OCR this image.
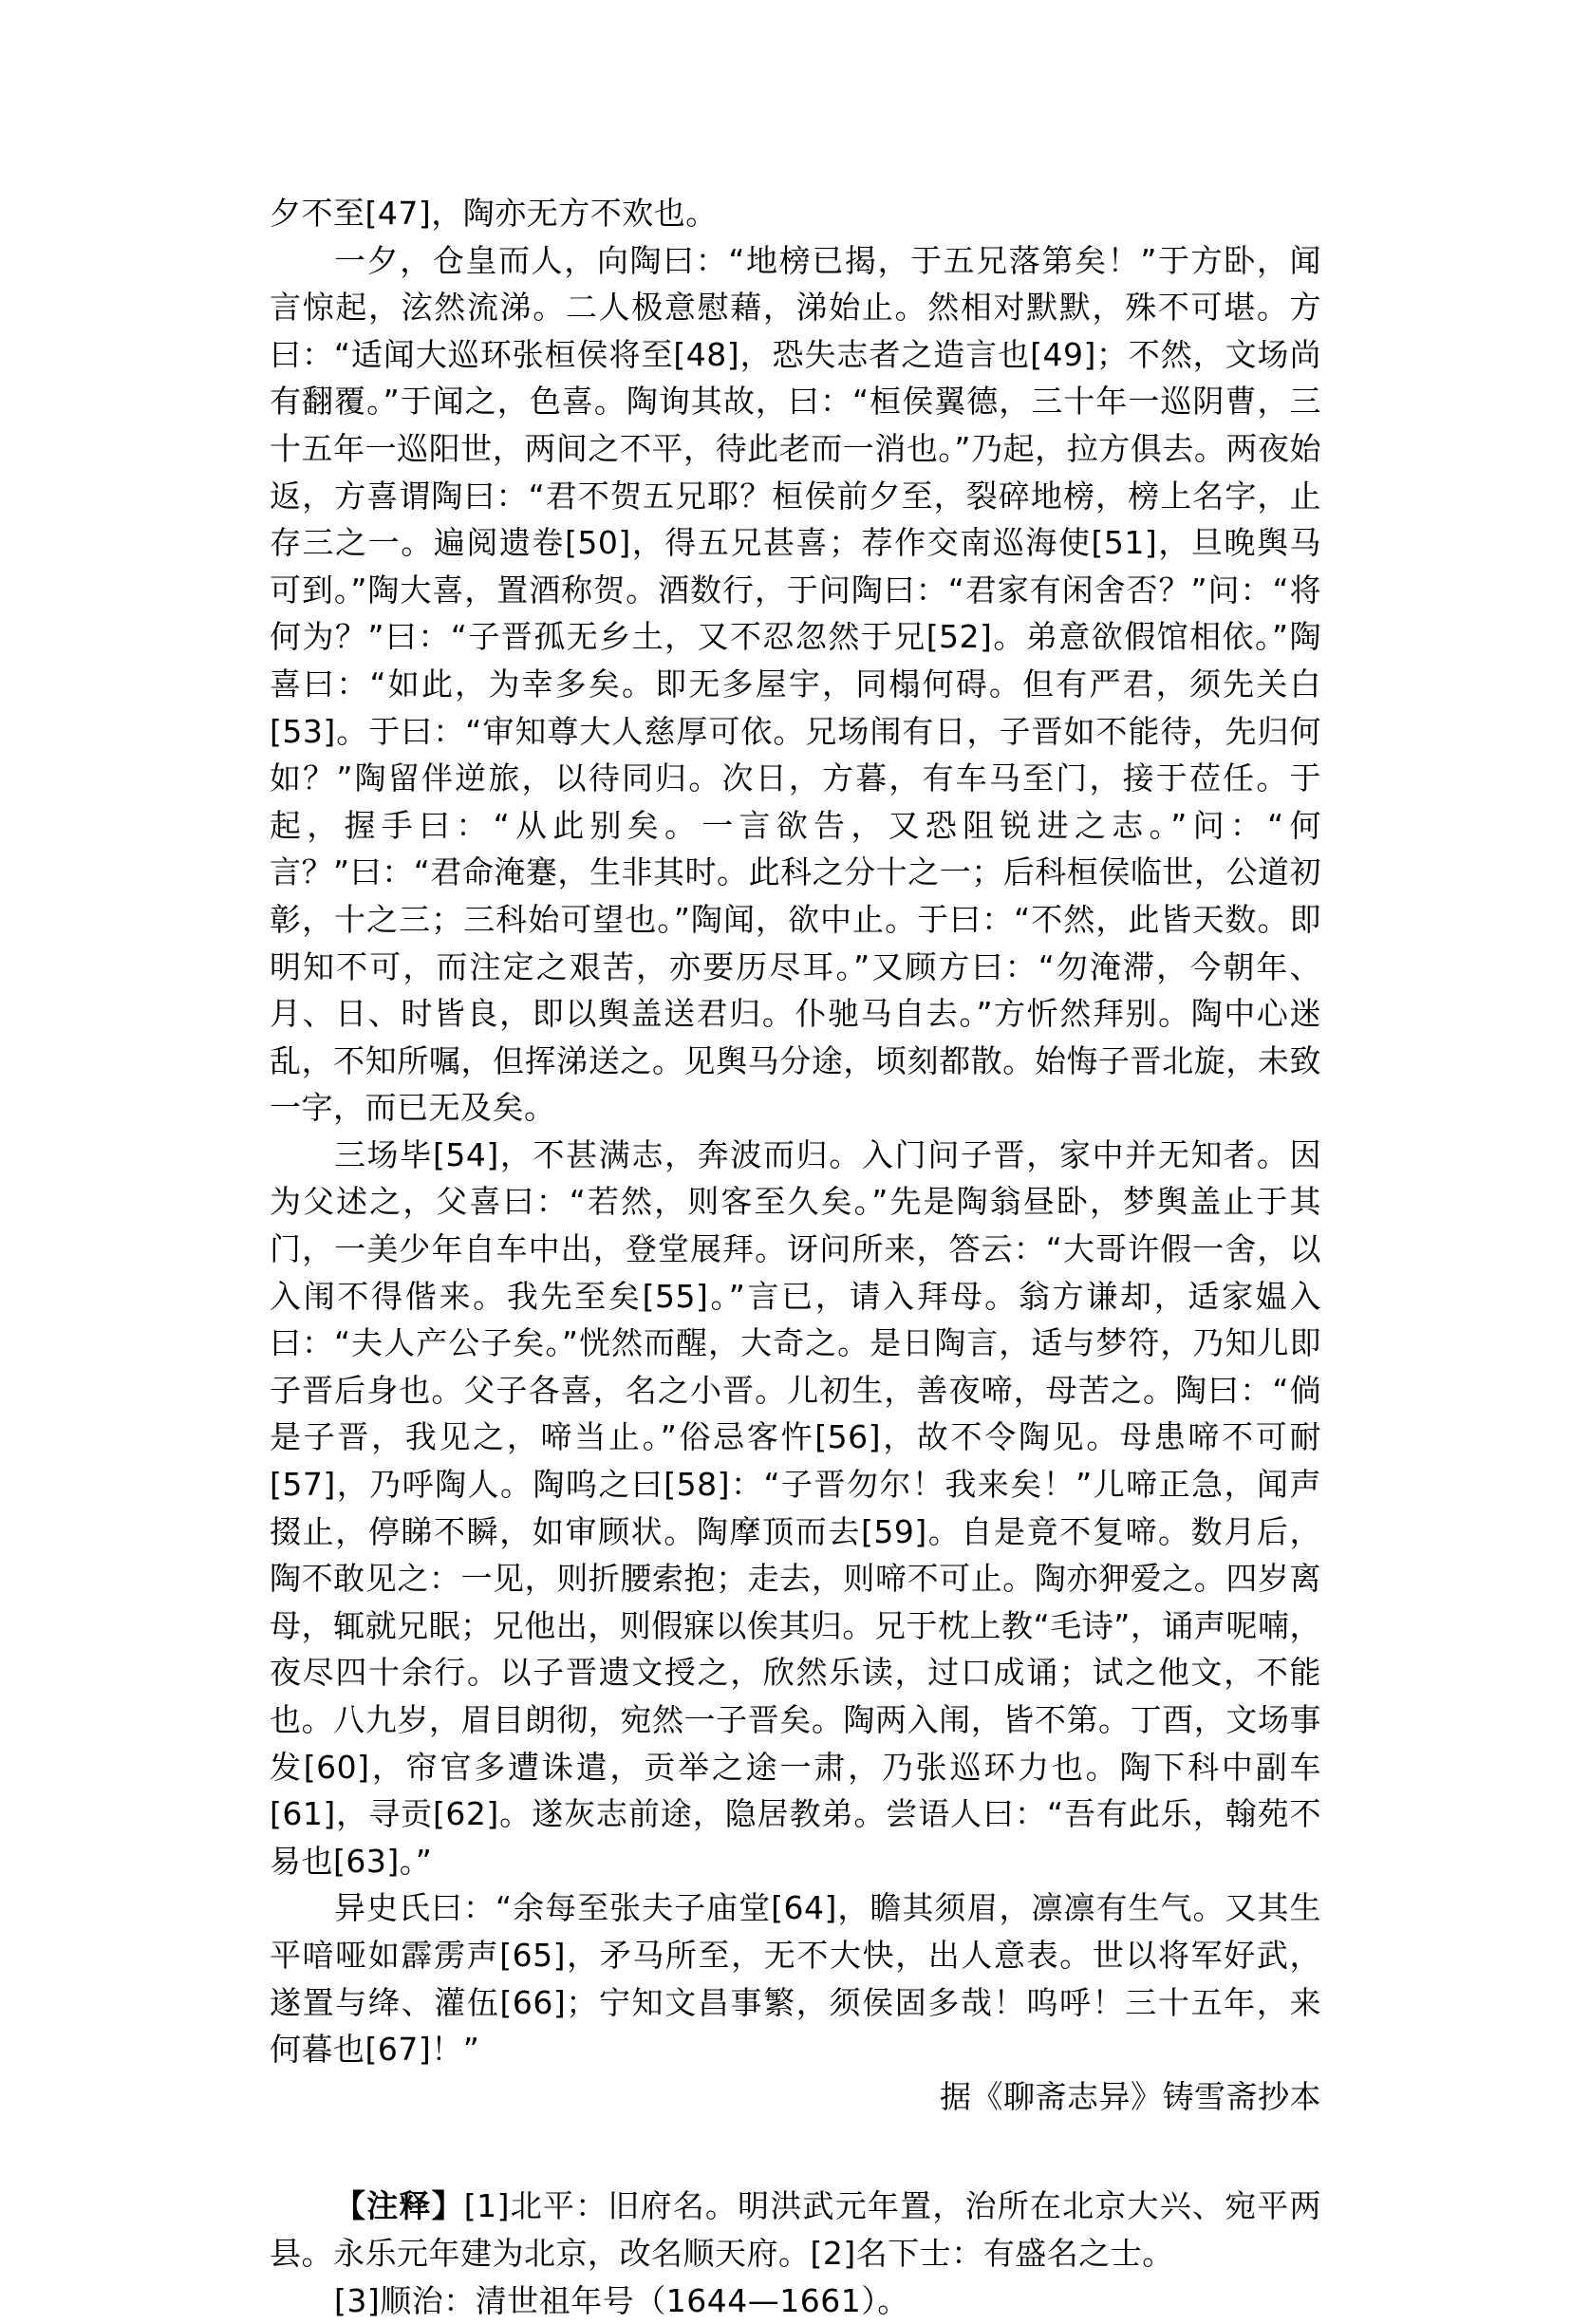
夕不至[47]，陶亦无方不欢也。

一夕，仓皇而人，向陶曰：“地榜已揭，于五兄落第矣！”于方卧，闻言惊起，泫然流涕。二人极意慰藉，涕始止。然相对默默，殊不可堪。方曰：“适闻大巡环张桓侯将至[48]，恐失志者之造言也[49]；不然，文场尚有翻覆。”于闻之，色喜。陶询其故，曰：“桓侯翼德，三十年一巡阴曹，三十五年一巡阳世，两间之不平，待此老而一消也。”乃起，拉方俱去。两夜始返，方喜谓陶曰：“君不贺五兄耶？桓侯前夕至，裂碎地榜，榜上名字，止存三之一。遍阅遗卷[50]，得五兄甚喜；荐作交南巡海使[51]，旦晚舆马可到。”陶大喜，置酒称贺。酒数行，于问陶曰：“君家有闲舍否？”问：“将何为？”曰：“子晋孤无乡土，又不忍忽然于兄[52]。弟意欲假馆相依。”陶喜曰：“如此，为幸多矣。即无多屋宇，同榻何碍。但有严君，须先关白[53]。于曰：“审知尊大人慈厚可依。兄场闱有日，子晋如不能待，先归何如？”陶留伴逆旅，以待同归。次日，方暮，有车马至门，接于莅任。于起，握手曰：“从此别矣。一言欲告，又恐阻锐进之志。”问：“何言？”曰：“君命淹蹇，生非其时。此科之分十之一；后科桓侯临世，公道初彰，十之三；三科始可望也。”陶闻，欲中止。于曰：“不然，此皆天数。即明知不可，而注定之艰苦，亦要历尽耳。”又顾方曰：“勿淹滞，今朝年、月、日、时皆良，即以舆盖送君归。仆驰马自去。”方忻然拜别。陶中心迷乱，不知所嘱，但挥涕送之。见舆马分途，顷刻都散。始悔子晋北旋，未致一字，而已无及矣。

三场毕[54]，不甚满志，奔波而归。入门问子晋，家中并无知者。因为父述之，父喜曰：“若然，则客至久矣。”先是陶翁昼卧，梦舆盖止于其门，一美少年自车中出，登堂展拜。讶问所来，答云：“大哥许假一舍，以入闱不得偕来。我先至矣[55]。”言已，请入拜母。翁方谦却，适家媪入曰：“夫人产公子矣。”恍然而醒，大奇之。是日陶言，适与梦符，乃知儿即子晋后身也。父子各喜，名之小晋。儿初生，善夜啼，母苦之。陶曰：“倘是子晋，我见之，啼当止。”俗忌客忤[56]，故不令陶见。母患啼不可耐[57]，乃呼陶人。陶呜之曰[58]：“子晋勿尔！我来矣！”儿啼正急，闻声掇止，停睇不瞬，如审顾状。陶摩顶而去[59]。自是竟不复啼。数月后，陶不敢见之：一见，则折腰索抱；走去，则啼不可止。陶亦狎爱之。四岁离母，辄就兄眠；兄他出，则假寐以俟其归。兄于枕上教“毛诗”，诵声呢喃，夜尽四十余行。以子晋遗文授之，欣然乐读，过口成诵；试之他文，不能也。八九岁，眉目朗彻，宛然一子晋矣。陶两入闱，皆不第。丁酉，文场事发[60]，帘官多遭诛遣，贡举之途一肃，乃张巡环力也。陶下科中副车[61]，寻贡[62]。遂灰志前途，隐居教弟。尝语人曰：“吾有此乐，翰苑不易也[63]。”

异史氏曰：“余每至张夫子庙堂[64]，瞻其须眉，凛凛有生气。又其生平喑哑如霹雳声[65]，矛马所至，无不大快，出人意表。世以将军好武，遂置与绛、灌伍[66]；宁知文昌事繁，须侯固多哉！呜呼！三十五年，来何暮也[67]！”

据《聊斋志异》铸雪斋抄本

【注释】[1]北平：旧府名。明洪武元年置，治所在北京大兴、宛平两县。永乐元年建为北京，改名顺天府。[2]名下士：有盛名之士。

[3]顺治：清世祖年号（1644—1661）。
